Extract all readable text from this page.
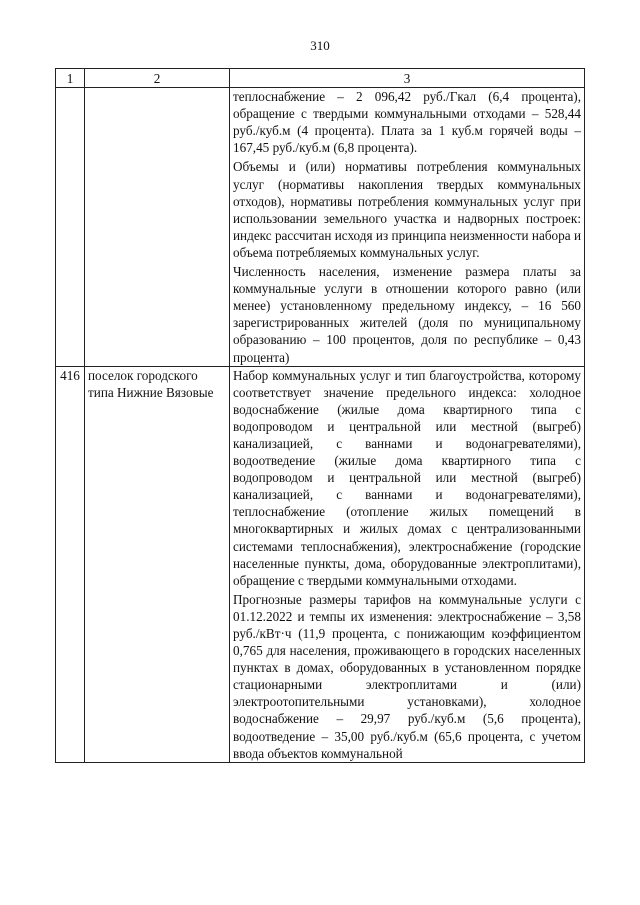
310
1	2	3

		теплоснабжение – 2 096,42 руб./Гкал (6,4 процента), обращение с твердыми коммунальными отходами – 528,44 руб./куб.м (4 процента). Плата за 1 куб.м горячей воды – 167,45 руб./куб.м (6,8 процента).
Объемы и (или) нормативы потребления коммунальных услуг (нормативы накопления твердых коммунальных отходов), нормативы потребления коммунальных услуг при использовании земельного участка и надворных построек: индекс рассчитан исходя из принципа неизменности набора и объема потребляемых коммунальных услуг.
Численность населения, изменение размера платы за коммунальные услуги в отношении которого равно (или менее) установленному предельному индексу, – 16 560 зарегистрированных жителей (доля по муниципальному образованию – 100 процентов, доля по республике – 0,43 процента)

416	поселок городского типа Нижние Вязовые	Набор коммунальных услуг и тип благоустройства, которому соответствует значение предельного индекса: холодное водоснабжение (жилые дома квартирного типа с водопроводом и центральной или местной (выгреб) канализацией, с ваннами и водонагревателями), водоотведение (жилые дома квартирного типа с водопроводом и центральной или местной (выгреб) канализацией, с ваннами и водонагревателями), теплоснабжение (отопление жилых помещений в многоквартирных и жилых домах с централизованными системами теплоснабжения), электроснабжение (городские населенные пункты, дома, оборудованные электроплитами), обращение с твердыми коммунальными отходами.
Прогнозные размеры тарифов на коммунальные услуги с 01.12.2022 и темпы их изменения: электроснабжение – 3,58 руб./кВт·ч (11,9 процента, с понижающим коэффициентом 0,765 для населения, проживающего в городских населенных пунктах в домах, оборудованных в установленном порядке стационарными электроплитами и (или) электроотопительными установками), холодное водоснабжение – 29,97 руб./куб.м (5,6 процента), водоотведение – 35,00 руб./куб.м (65,6 процента, с учетом ввода объектов коммунальной
